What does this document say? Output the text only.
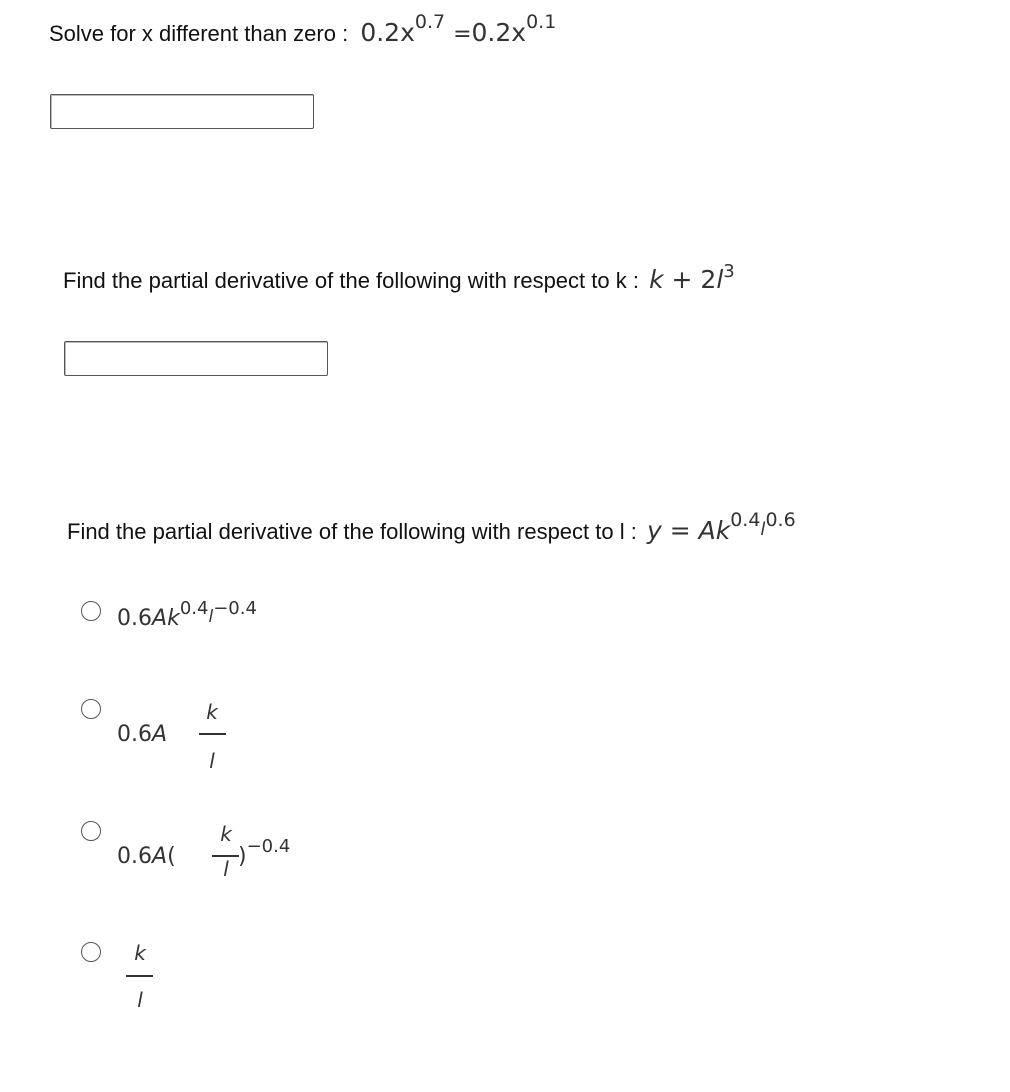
Solve for x different than zero : $0.2x^{0.7} =0.2x^{0.1}$
Find the partial derivative of the following with respect to k : $k + 2l^3$
Find the partial derivative of the following with respect to l : $y = Ak^{0.4}l^{0.6}$
$0.6Ak^{0.4}l^{-0.4}$
0.6A
k
l
0.6A(
k
l )$^{-0.4}$
k
l
